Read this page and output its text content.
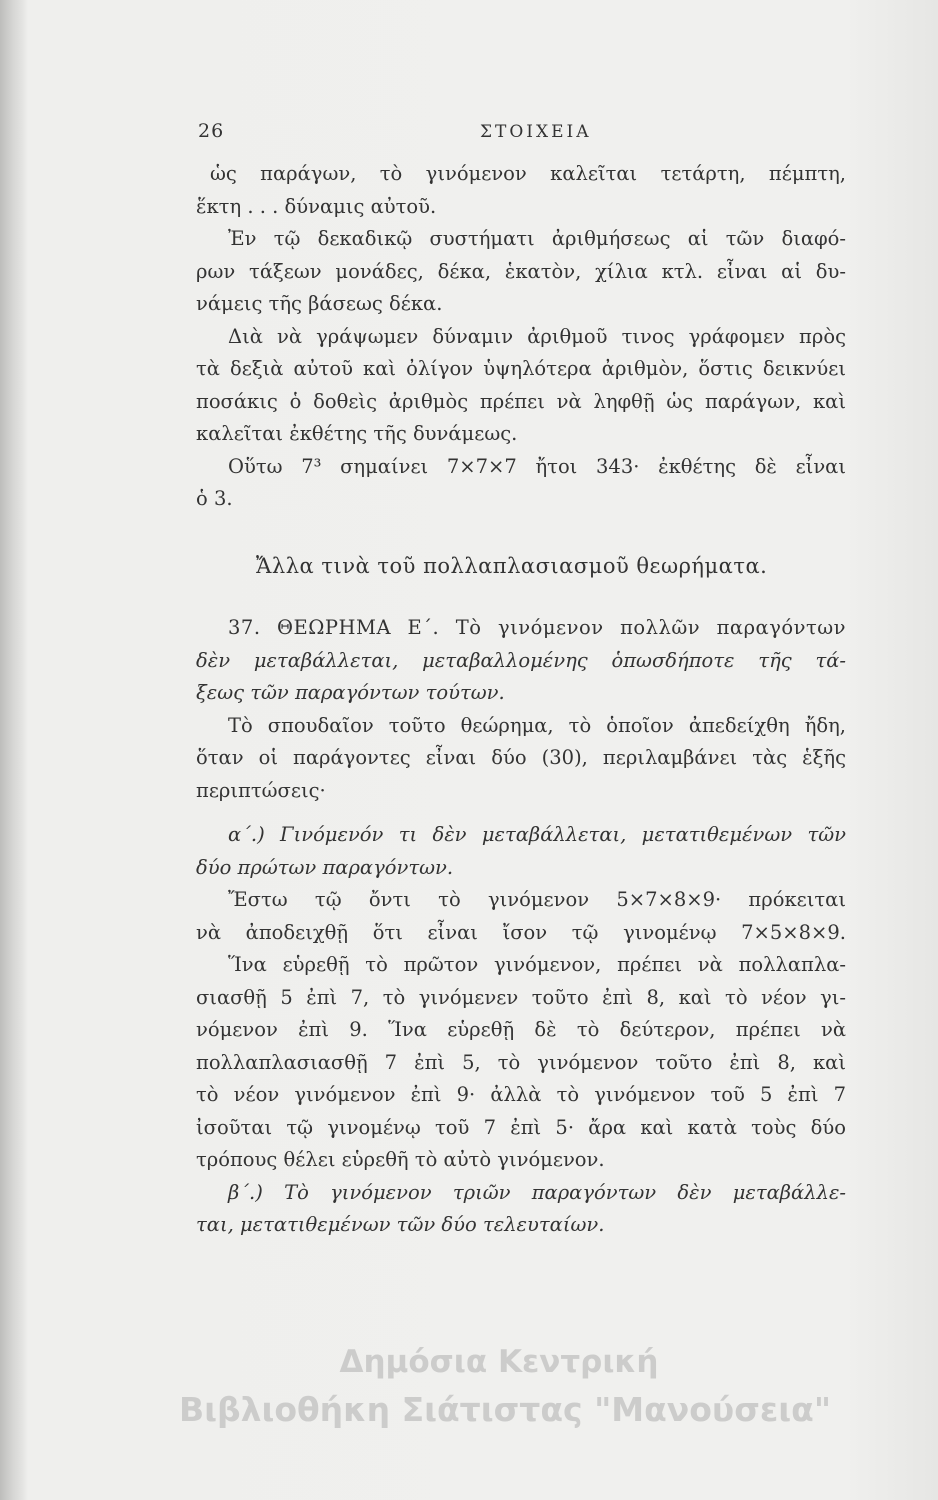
26	ΣΤΟΙΧΕΙΑ
ὡς παράγων, τὸ γινόμενον καλεῖται τετάρτη, πέμπτη,
ἕκτη . . . δύναμις αὐτοῦ.
Ἐν τῷ δεκαδικῷ συστήματι ἀριθμήσεως αἱ τῶν διαφό-
ρων τάξεων μονάδες, δέκα, ἑκατὸν, χίλια κτλ. εἶναι αἱ δυ-
νάμεις τῆς βάσεως δέκα.
Διὰ νὰ γράψωμεν δύναμιν ἀριθμοῦ τινος γράφομεν πρὸς
τὰ δεξιὰ αὐτοῦ καὶ ὀλίγον ὑψηλότερα ἀριθμὸν, ὅστις δεικνύει
ποσάκις ὁ δοθεὶς ἀριθμὸς πρέπει νὰ ληφθῇ ὡς παράγων, καὶ
καλεῖται ἐκθέτης τῆς δυνάμεως.
Οὕτω 7³ σημαίνει 7×7×7 ἤτοι 343· ἐκθέτης δὲ εἶναι
ὁ 3.
Ἄλλα τινὰ τοῦ πολλαπλασιασμοῦ θεωρήματα.
37. ΘΕΩΡΗΜΑ Ε΄. Τὸ γινόμενον πολλῶν παραγόντων
δὲν μεταβάλλεται, μεταβαλλομένης ὁπωσδήποτε τῆς τά-
ξεως τῶν παραγόντων τούτων.
Τὸ σπουδαῖον τοῦτο θεώρημα, τὸ ὁποῖον ἀπεδείχθη ἤδη,
ὅταν οἱ παράγοντες εἶναι δύο (30), περιλαμβάνει τὰς ἑξῆς
περιπτώσεις·
α΄.) Γινόμενόν τι δὲν μεταβάλλεται, μετατιθεμένων τῶν
δύο πρώτων παραγόντων.
Ἔστω τῷ ὄντι τὸ γινόμενον 5×7×8×9· πρόκειται
νὰ ἀποδειχθῇ ὅτι εἶναι ἴσον τῷ γινομένῳ 7×5×8×9.
Ἵνα εὑρεθῇ τὸ πρῶτον γινόμενον, πρέπει νὰ πολλαπλα-
σιασθῇ 5 ἐπὶ 7, τὸ γινόμενεν τοῦτο ἐπὶ 8, καὶ τὸ νέον γι-
νόμενον ἐπὶ 9. Ἵνα εὑρεθῇ δὲ τὸ δεύτερον, πρέπει νὰ
πολλαπλασιασθῇ 7 ἐπὶ 5, τὸ γινόμενον τοῦτο ἐπὶ 8, καὶ
τὸ νέον γινόμενον ἐπὶ 9· ἀλλὰ τὸ γινόμενον τοῦ 5 ἐπὶ 7
ἰσοῦται τῷ γινομένῳ τοῦ 7 ἐπὶ 5· ἄρα καὶ κατὰ τοὺς δύο
τρόπους θέλει εὑρεθῆ τὸ αὐτὸ γινόμενον.
β΄.) Τὸ γινόμενον τριῶν παραγόντων δὲν μεταβάλλε-
ται, μετατιθεμένων τῶν δύο τελευταίων.
Δημόσια Κεντρική
Βιβλιοθήκη Σιάτιστας "Μανούσεια"
